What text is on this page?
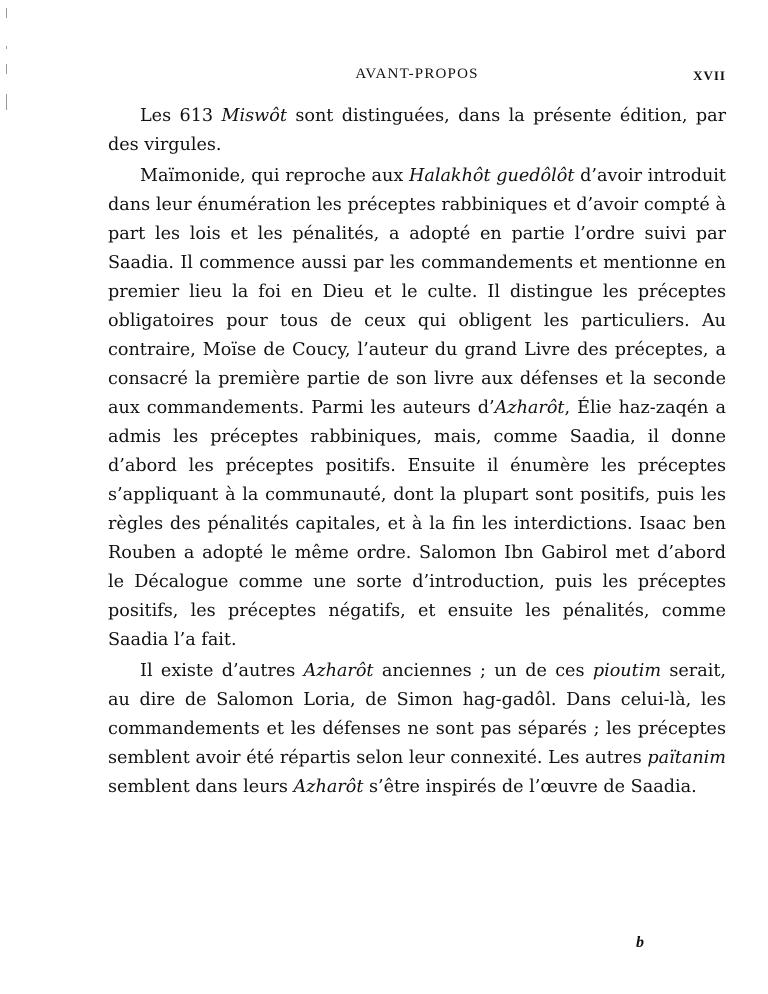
AVANT-PROPOS	XVII

Les 613 Miswôt sont distinguées, dans la présente édition, par des virgules.

Maïmonide, qui reproche aux Halakhôt guedôlôt d’avoir introduit dans leur énumération les préceptes rabbiniques et d’avoir compté à part les lois et les pénalités, a adopté en partie l’ordre suivi par Saadia. Il commence aussi par les commandements et mentionne en premier lieu la foi en Dieu et le culte. Il distingue les préceptes obligatoires pour tous de ceux qui obligent les particuliers. Au contraire, Moïse de Coucy, l’auteur du grand Livre des préceptes, a consacré la première partie de son livre aux défenses et la seconde aux commandements. Parmi les auteurs d’Azharôt, Élie haz-zaqén a admis les préceptes rabbiniques, mais, comme Saadia, il donne d’abord les préceptes positifs. Ensuite il énumère les préceptes s’appliquant à la communauté, dont la plupart sont positifs, puis les règles des pénalités capitales, et à la fin les interdictions. Isaac ben Rouben a adopté le même ordre. Salomon Ibn Gabirol met d’abord le Décalogue comme une sorte d’introduction, puis les préceptes positifs, les préceptes négatifs, et ensuite les pénalités, comme Saadia l’a fait.

Il existe d’autres Azharôt anciennes ; un de ces pioutim serait, au dire de Salomon Loria, de Simon hag-gadôl. Dans celui-là, les commandements et les défenses ne sont pas séparés ; les préceptes semblent avoir été répartis selon leur connexité. Les autres païtanim semblent dans leurs Azharôt s’être inspirés de l’œuvre de Saadia.

b
